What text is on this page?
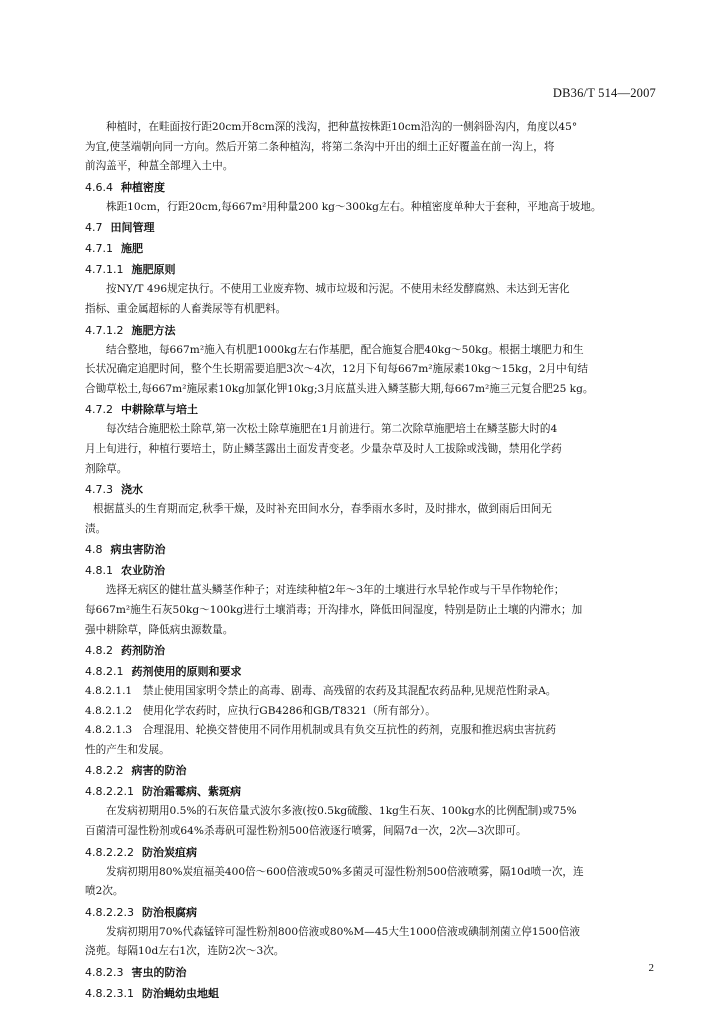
DB36/T 514—2007
种植时，在畦面按行距20cm开8cm深的浅沟，把种蒀按株距10cm沿沟的一侧斜卧沟内，角度以45°
为宜,使茎端朝向同一方向。然后开第二条种植沟，将第二条沟中开出的细土正好覆盖在前一沟上，将
前沟盖平，种蒀全部埋入土中。
4.6.4 种植密度
株距10cm，行距20cm,每667m²用种量200 kg～300kg左右。种植密度单种大于套种，平地高于坡地。
4.7 田间管理
4.7.1 施肥
4.7.1.1 施肥原则
按NY/T 496规定执行。不使用工业废弃物、城市垃圾和污泥。不使用未经发酵腐熟、未达到无害化
指标、重金属超标的人畜粪尿等有机肥料。
4.7.1.2 施肥方法
结合整地，每667m²施入有机肥1000kg左右作基肥，配合施复合肥40kg～50kg。根据土壤肥力和生
长状况确定追肥时间，整个生长期需要追肥3次～4次，12月下旬每667m²施尿素10kg～15kg，2月中旬结
合锄草松土,每667m²施尿素10kg加氯化钾10kg;3月底蒀头进入鳞茎膨大期,每667m²施三元复合肥25 kg。
4.7.2 中耕除草与培土
每次结合施肥松土除草,第一次松土除草施肥在1月前进行。第二次除草施肥培土在鳞茎膨大时的4
月上旬进行，种植行要培土，防止鳞茎露出土面发青变老。少量杂草及时人工拔除或浅锄，禁用化学药
剂除草。
4.7.3 浇水
根据蒀头的生育期而定,秋季干燥，及时补充田间水分，春季雨水多时，及时排水，做到雨后田间无
渍。
4.8 病虫害防治
4.8.1 农业防治
选择无病区的健壮蒀头鳞茎作种子；对连续种植2年～3年的土壤进行水旱轮作或与干旱作物轮作；
每667m²施生石灰50kg～100kg进行土壤消毒；开沟排水，降低田间湿度，特别是防止土壤的内滞水；加
强中耕除草，降低病虫源数量。
4.8.2 药剂防治
4.8.2.1 药剂使用的原则和要求
4.8.2.1.1　禁止使用国家明令禁止的高毒、剧毒、高残留的农药及其混配农药品种,见规范性附录A。
4.8.2.1.2　使用化学农药时，应执行GB4286和GB/T8321（所有部分）。
4.8.2.1.3　合理混用、轮换交替使用不同作用机制或具有负交互抗性的药剂，克服和推迟病虫害抗药
性的产生和发展。
4.8.2.2 病害的防治
4.8.2.2.1 防治霜霉病、紫斑病
在发病初期用0.5%的石灰倍量式波尔多液(按0.5kg硫酸、1kg生石灰、100kg水的比例配制)或75%
百菌清可湿性粉剂或64%杀毒矾可湿性粉剂500倍液逐行喷雾，间隔7d一次，2次—3次即可。
4.8.2.2.2 防治炭疽病
发病初期用80%炭疽福美400倍～600倍液或50%多菌灵可湿性粉剂500倍液喷雾，隔10d喷一次，连
喷2次。
4.8.2.2.3 防治根腐病
发病初期用70%代森锰锌可湿性粉剂800倍液或80%M—45大生1000倍液或碘制剂菌立停1500倍液
浇蔸。每隔10d左右1次，连防2次～3次。
4.8.2.3 害虫的防治
4.8.2.3.1 防治蝇幼虫地蛆
2
